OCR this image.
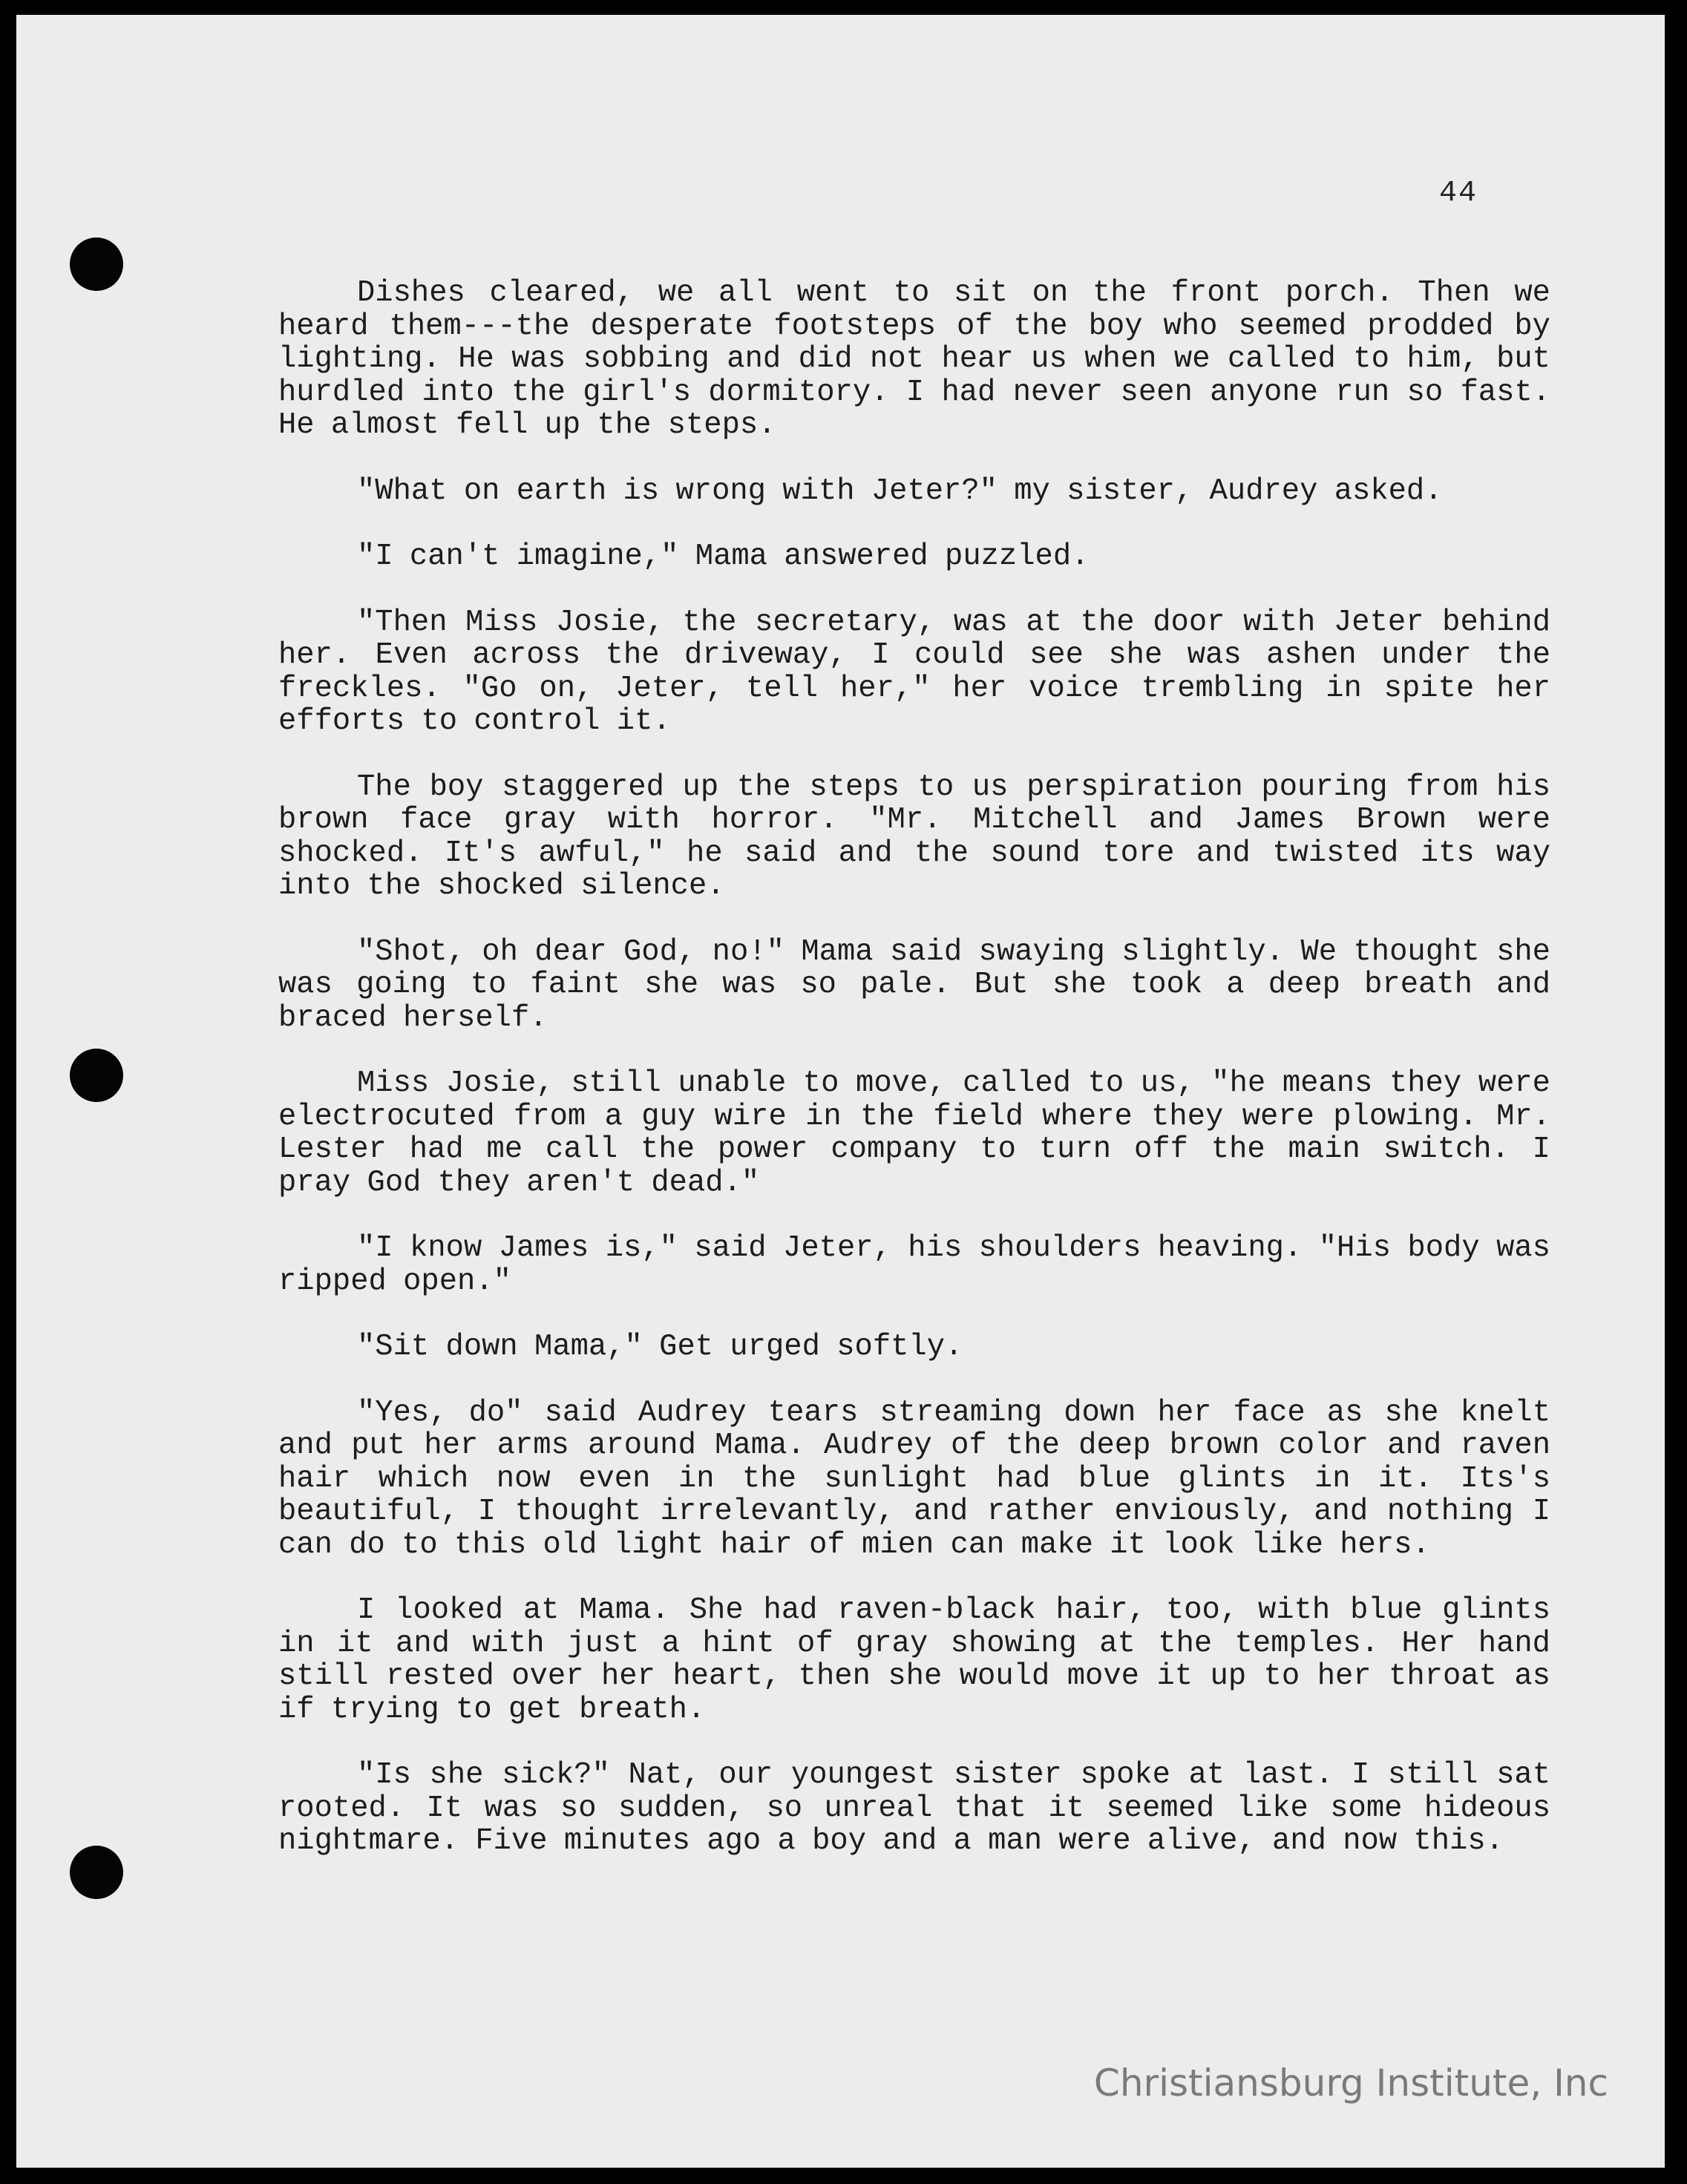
44

Dishes cleared, we all went to sit on the front porch. Then we heard them---the desperate footsteps of the boy who seemed prodded by lighting. He was sobbing and did not hear us when we called to him, but hurdled into the girl's dormitory. I had never seen anyone run so fast. He almost fell up the steps.

"What on earth is wrong with Jeter?" my sister, Audrey asked.

"I can't imagine," Mama answered puzzled.

"Then Miss Josie, the secretary, was at the door with Jeter behind her. Even across the driveway, I could see she was ashen under the freckles. "Go on, Jeter, tell her," her voice trembling in spite her efforts to control it.

The boy staggered up the steps to us perspiration pouring from his brown face gray with horror. "Mr. Mitchell and James Brown were shocked. It's awful," he said and the sound tore and twisted its way into the shocked silence.

"Shot, oh dear God, no!" Mama said swaying slightly. We thought she was going to faint she was so pale. But she took a deep breath and braced herself.

Miss Josie, still unable to move, called to us, "he means they were electrocuted from a guy wire in the field where they were plowing. Mr. Lester had me call the power company to turn off the main switch. I pray God they aren't dead."

"I know James is," said Jeter, his shoulders heaving. "His body was ripped open."

"Sit down Mama," Get urged softly.

"Yes, do" said Audrey tears streaming down her face as she knelt and put her arms around Mama. Audrey of the deep brown color and raven hair which now even in the sunlight had blue glints in it. Its's beautiful, I thought irrelevantly, and rather enviously, and nothing I can do to this old light hair of mien can make it look like hers.

I looked at Mama. She had raven-black hair, too, with blue glints in it and with just a hint of gray showing at the temples. Her hand still rested over her heart, then she would move it up to her throat as if trying to get breath.

"Is she sick?" Nat, our youngest sister spoke at last. I still sat rooted. It was so sudden, so unreal that it seemed like some hideous nightmare. Five minutes ago a boy and a man were alive, and now this.

Christiansburg Institute, Inc
